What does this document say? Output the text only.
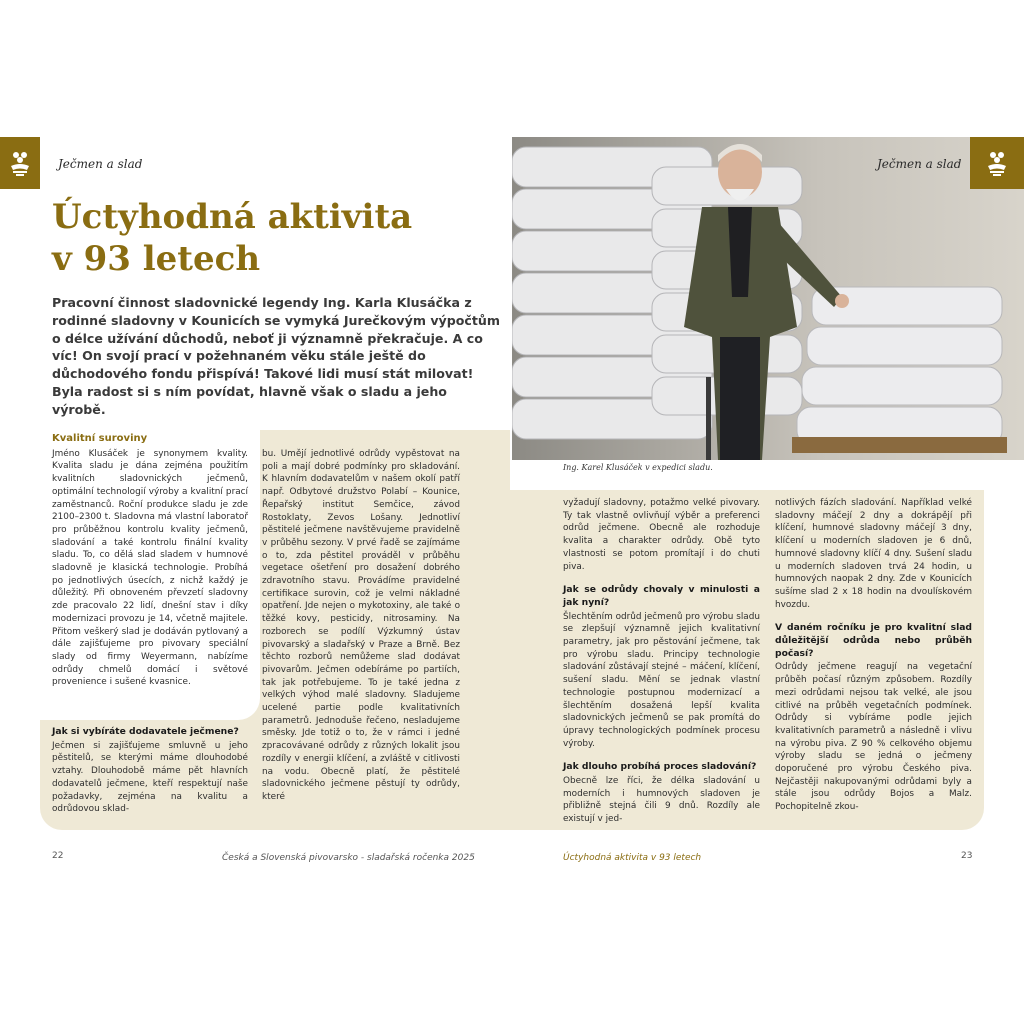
Ječmen a slad
Úctyhodná aktivita
v 93 letech
Pracovní činnost sladovnické legendy Ing. Karla Klusáčka z rodinné sladovny v Kounicích se vymyká Jurečkovým výpočtům o délce užívání důchodů, neboť ji významně překračuje. A co víc! On svojí prací v požehnaném věku stále ještě do důchodového fondu přispívá! Takové lidi musí stát milovat! Byla radost si s ním povídat, hlavně však o sladu a jeho výrobě.
Kvalitní suroviny

Jméno Klusáček je synonymem kvality. Kvalita sladu je dána zejména použitím kvalitních sladovnických ječmenů, optimální technologií výroby a kvalitní prací zaměstnanců. Roční produkce sladu je zde 2100–2300 t. Sladovna má vlastní laboratoř pro průběžnou kontrolu kvality ječmenů, sladování a také kontrolu finální kvality sladu. To, co dělá slad sladem v humnové sladovně je klasická technologie. Probíhá po jednotlivých úsecích, z nichž každý je důležitý. Při obnoveném převzetí sladovny zde pracovalo 22 lidí, dnešní stav i díky modernizaci provozu je 14, včetně majitele. Přitom veškerý slad je dodáván pytlovaný a dále zajišťujeme pro pivovary speciální slady od firmy Weyermann, nabízíme odrůdy chmelů domácí i světové provenience i sušené kvasnice.

Jak si vybíráte dodavatele ječmene?

Ječmen si zajišťujeme smluvně u jeho pěstitelů, se kterými máme dlouhodobé vztahy. Dlouhodobě máme pět hlavních dodavatelů ječmene, kteří respektují naše požadavky, zejména na kvalitu a odrůdovou sklad-

bu. Umějí jednotlivé odrůdy vypěstovat na poli a mají dobré podmínky pro skladování. K hlavním dodavatelům v našem okolí patří např. Odbytové družstvo Polabí – Kounice, Řepařský institut Semčice, závod Rostoklaty, Zevos Lošany. Jednotliví pěstitelé ječmene navštěvujeme pravidelně v průběhu sezony. V prvé řadě se zajímáme o to, zda pěstitel prováděl v průběhu vegetace ošetření pro dosažení dobrého zdravotního stavu. Provádíme pravidelné certifikace surovin, což je velmi nákladné opatření. Jde nejen o mykotoxiny, ale také o těžké kovy, pesticidy, nitrosaminy. Na rozborech se podílí Výzkumný ústav pivovarský a sladařský v Praze a Brně. Bez těchto rozborů nemůžeme slad dodávat pivovarům. Ječmen odebíráme po partiích, tak jak potřebujeme. To je také jedna z velkých výhod malé sladovny. Sladujeme ucelené partie podle kvalitativních parametrů. Jednoduše řečeno, nesladujeme směsky. Jde totiž o to, že v rámci i jedné zpracovávané odrůdy z různých lokalit jsou rozdíly v energii klíčení, a zvláště v citlivosti na vodu. Obecně platí, že pěstitelé sladovnického ječmene pěstují ty odrůdy, které

Ječmen a slad
Ing. Karel Klusáček v expedici sladu.

vyžadují sladovny, potažmo velké pivovary. Ty tak vlastně ovlivňují výběr a preferenci odrůd ječmene. Obecně ale rozhoduje kvalita a charakter odrůdy. Obě tyto vlastnosti se potom promítají i do chuti piva.

Jak se odrůdy chovaly v minulosti a jak nyní?

Šlechtěním odrůd ječmenů pro výrobu sladu se zlepšují významně jejich kvalitativní parametry, jak pro pěstování ječmene, tak pro výrobu sladu. Principy technologie sladování zůstávají stejné – máčení, klíčení, sušení sladu. Mění se jednak vlastní technologie postupnou modernizací a šlechtěním dosažená lepší kvalita sladovnických ječmenů se pak promítá do úpravy technologických podmínek procesu výroby.

Jak dlouho probíhá proces sladování?

Obecně lze říci, že délka sladování u moderních i humnových sladoven je přibližně stejná čili 9 dnů. Rozdíly ale existují v jed-

notlivých fázích sladování. Například velké sladovny máčejí 2 dny a dokrápějí při klíčení, humnové sladovny máčejí 3 dny, klíčení u moderních sladoven je 6 dnů, humnové sladovny klíčí 4 dny. Sušení sladu u moderních sladoven trvá 24 hodin, u humnových naopak 2 dny. Zde v Kounicích sušíme slad 2 x 18 hodin na dvoulískovém hvozdu.

V daném ročníku je pro kvalitní slad důležitější odrůda nebo průběh počasí?

Odrůdy ječmene reagují na vegetační průběh počasí různým způsobem. Rozdíly mezi odrůdami nejsou tak velké, ale jsou citlivé na průběh vegetačních podmínek. Odrůdy si vybíráme podle jejich kvalitativních parametrů a následně i vlivu na výrobu piva. Z 90 % celkového objemu výroby sladu se jedná o ječmeny doporučené pro výrobu Českého piva. Nejčastěji nakupovanými odrůdami byly a stále jsou odrůdy Bojos a Malz. Pochopitelně zkou-

22	Česká a Slovenská pivovarsko - sladařská ročenka 2025	Úctyhodná aktivita v 93 letech	23
